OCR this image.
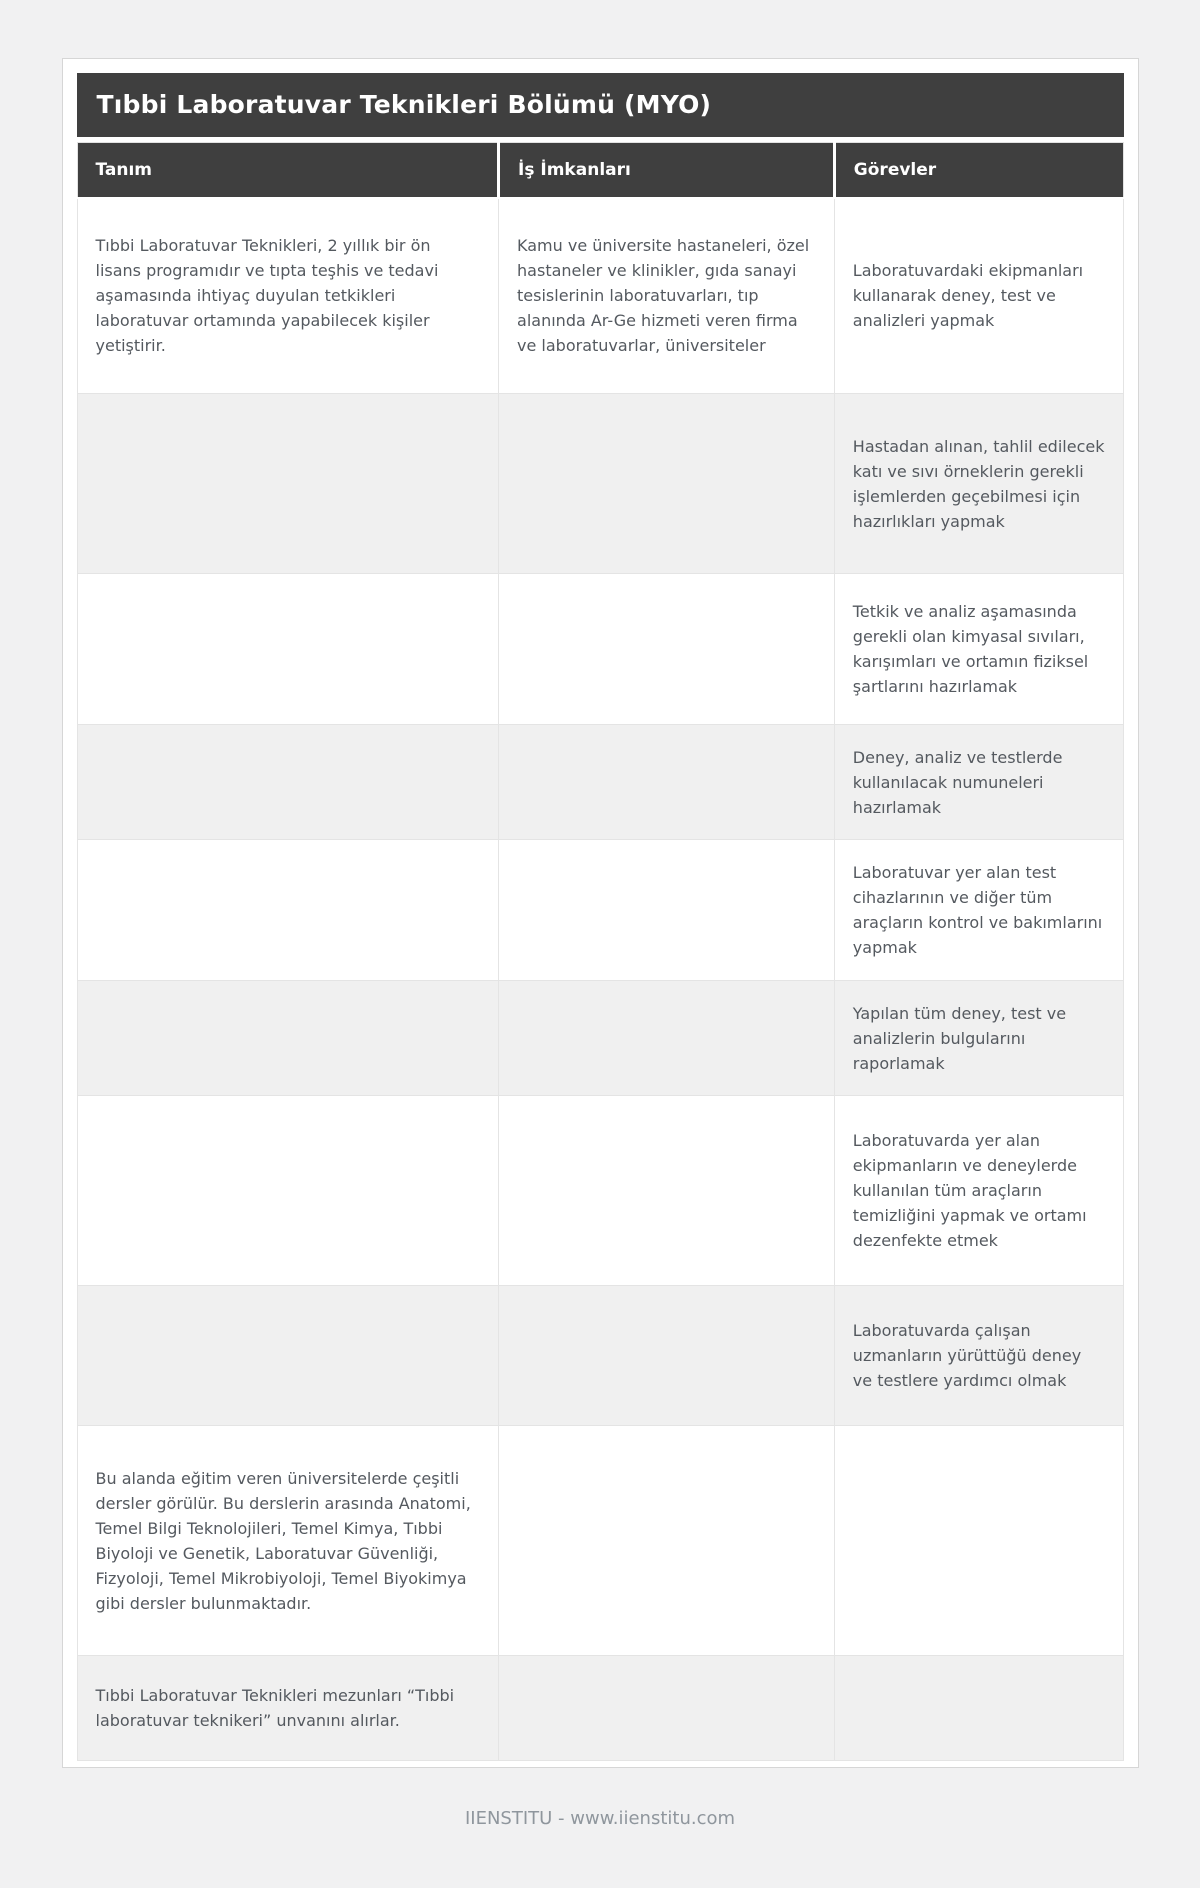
Tıbbi Laboratuvar Teknikleri Bölümü (MYO)
Tanım	İş İmkanları	Görevler
Tıbbi Laboratuvar Teknikleri, 2 yıllık bir ön lisans programıdır ve tıpta teşhis ve tedavi aşamasında ihtiyaç duyulan tetkikleri laboratuvar ortamında yapabilecek kişiler yetiştirir.	Kamu ve üniversite hastaneleri, özel hastaneler ve klinikler, gıda sanayi tesislerinin laboratuvarları, tıp alanında Ar-Ge hizmeti veren firma ve laboratuvarlar, üniversiteler	Laboratuvardaki ekipmanları kullanarak deney, test ve analizleri yapmak
		Hastadan alınan, tahlil edilecek katı ve sıvı örneklerin gerekli işlemlerden geçebilmesi için hazırlıkları yapmak
		Tetkik ve analiz aşamasında gerekli olan kimyasal sıvıları, karışımları ve ortamın fiziksel şartlarını hazırlamak
		Deney, analiz ve testlerde kullanılacak numuneleri hazırlamak
		Laboratuvar yer alan test cihazlarının ve diğer tüm araçların kontrol ve bakımlarını yapmak
		Yapılan tüm deney, test ve analizlerin bulgularını raporlamak
		Laboratuvarda yer alan ekipmanların ve deneylerde kullanılan tüm araçların temizliğini yapmak ve ortamı dezenfekte etmek
		Laboratuvarda çalışan uzmanların yürüttüğü deney ve testlere yardımcı olmak
Bu alanda eğitim veren üniversitelerde çeşitli dersler görülür. Bu derslerin arasında Anatomi, Temel Bilgi Teknolojileri, Temel Kimya, Tıbbi Biyoloji ve Genetik, Laboratuvar Güvenliği, Fizyoloji, Temel Mikrobiyoloji, Temel Biyokimya gibi dersler bulunmaktadır.		
Tıbbi Laboratuvar Teknikleri mezunları “Tıbbi laboratuvar teknikeri” unvanını alırlar.		
IIENSTITU - www.iienstitu.com
